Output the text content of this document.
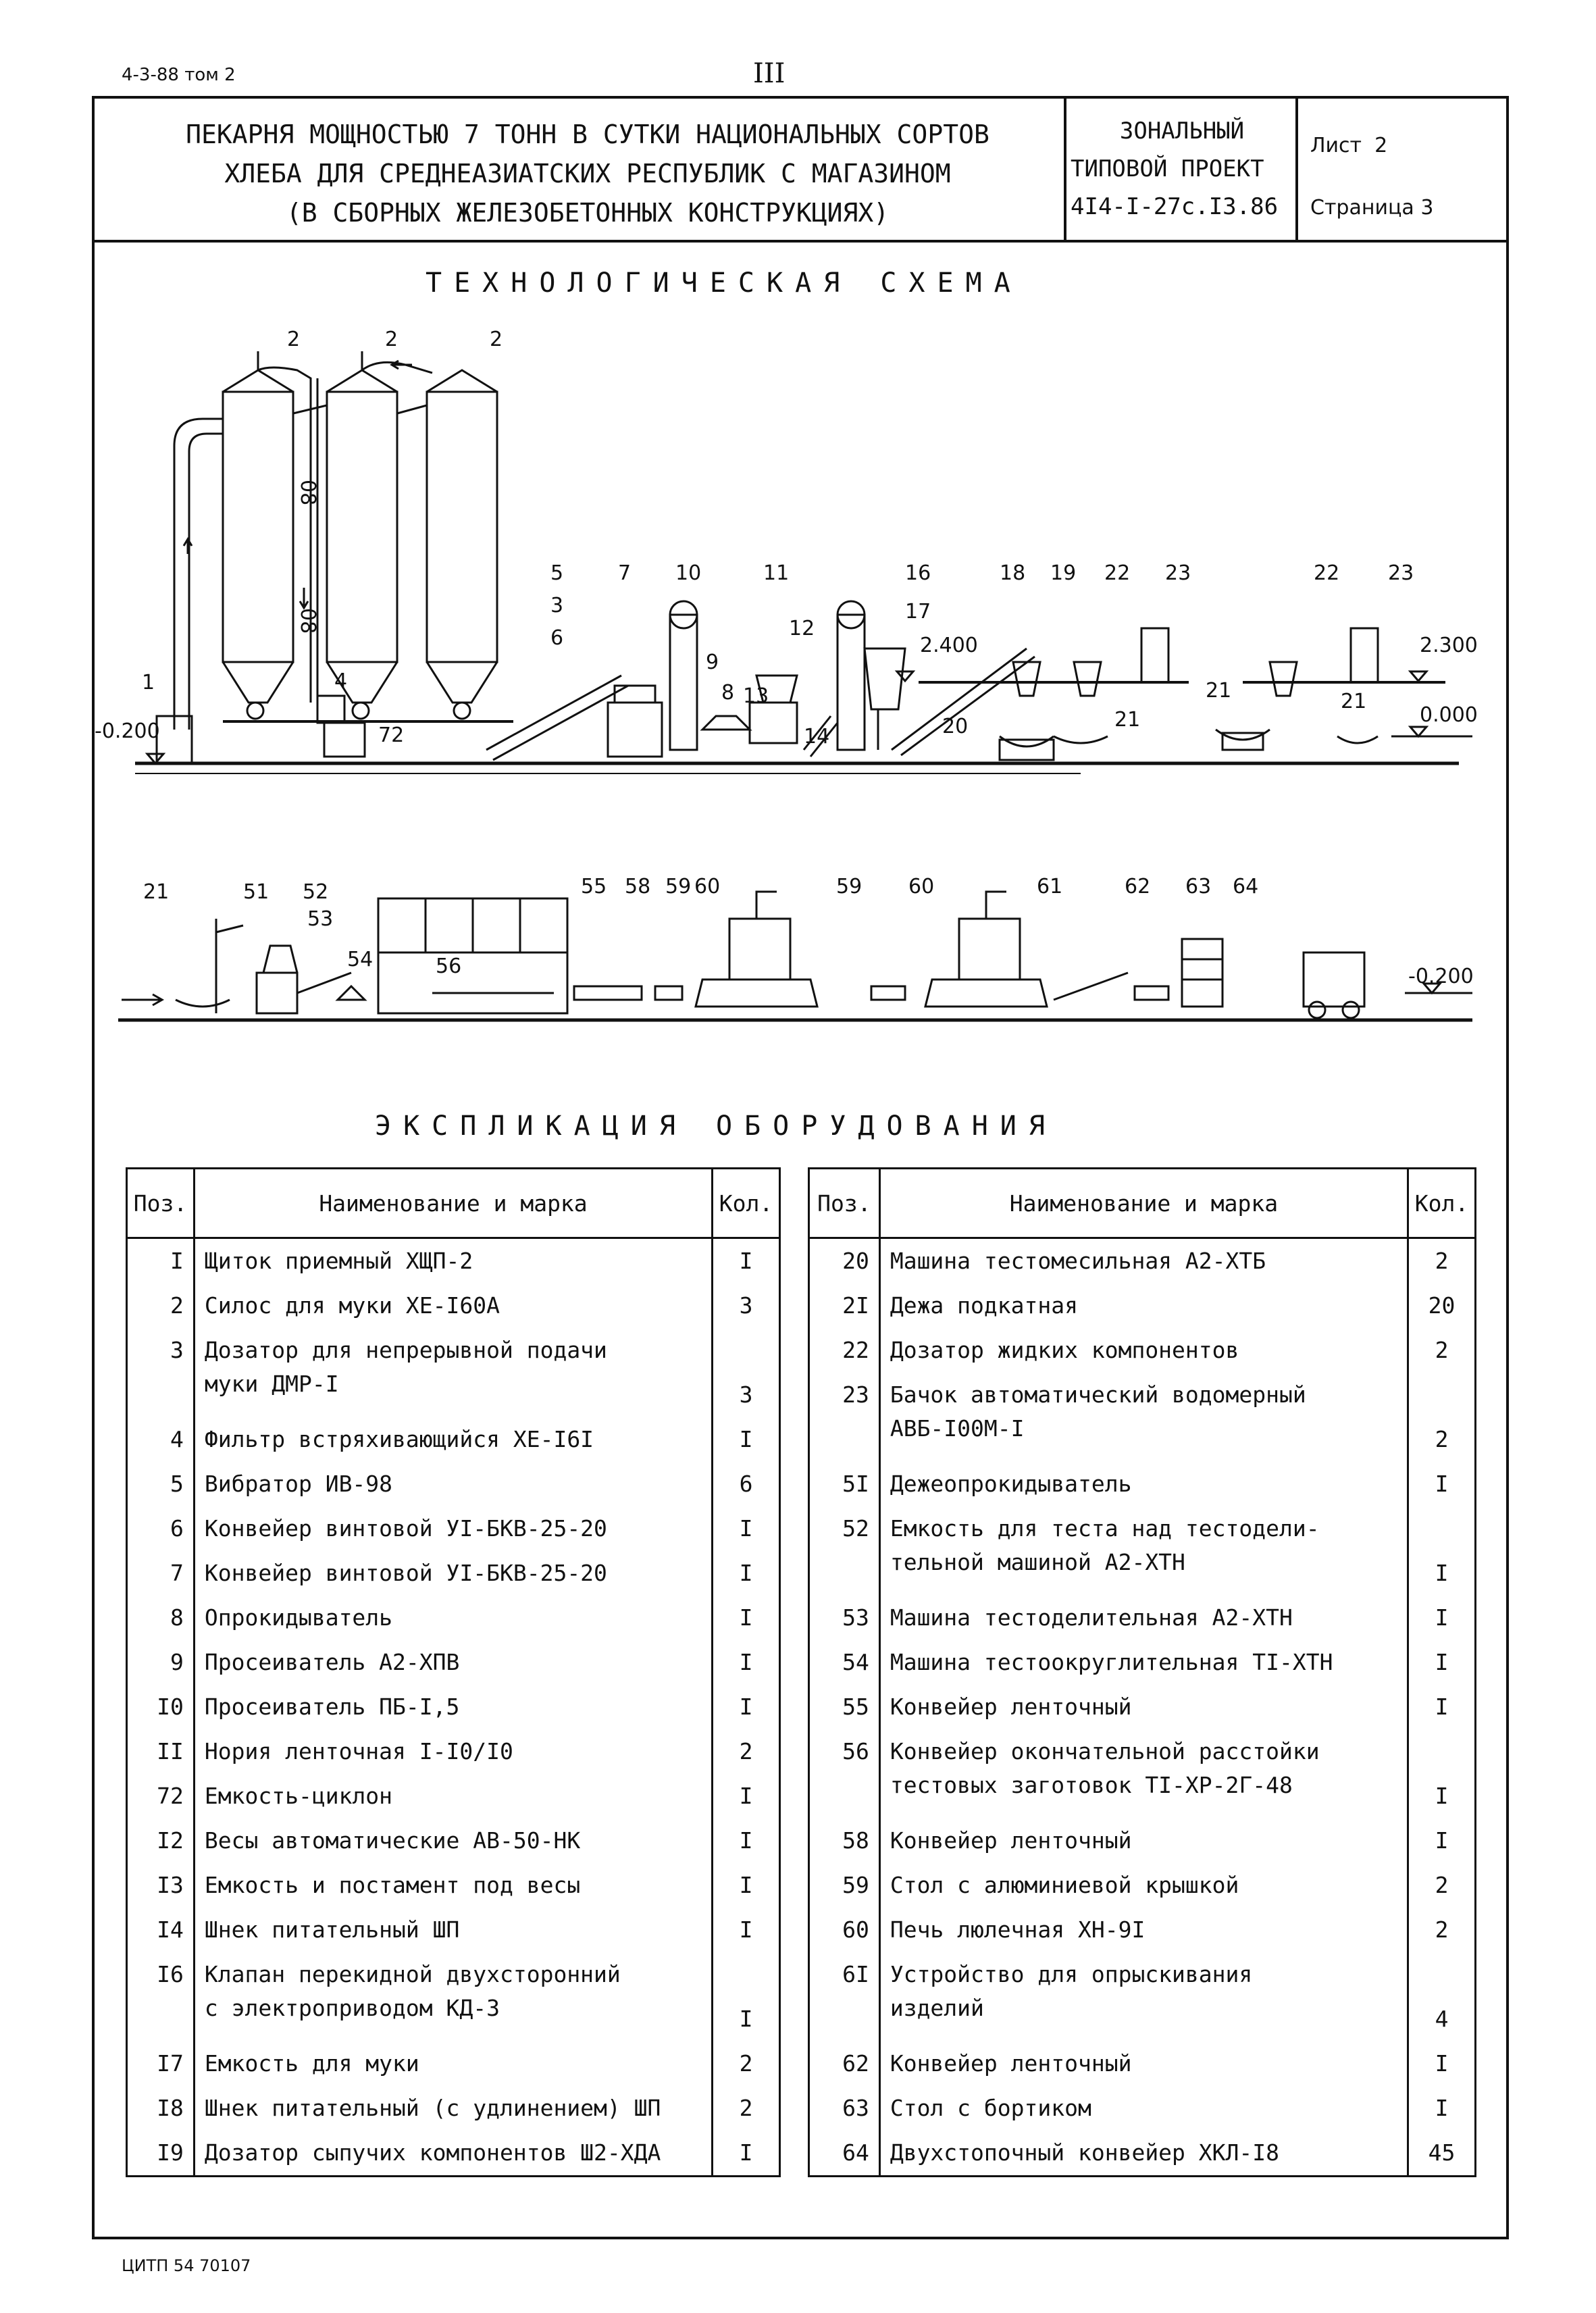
4-3-88 том 2	III
ПЕКАРНЯ МОЩНОСТЬЮ 7 ТОНН В СУТКИ НАЦИОНАЛЬНЫХ СОРТОВ
ХЛЕБА ДЛЯ СРЕДНЕАЗИАТСКИХ РЕСПУБЛИК С МАГАЗИНОМ
(В СБОРНЫХ ЖЕЛЕЗОБЕТОННЫХ КОНСТРУКЦИЯХ)
ЗОНАЛЬНЫЙ
ТИПОВОЙ ПРОЕКТ
4I4-I-27с.I3.86
Лист 2
Страница 3
ТЕХНОЛОГИЧЕСКАЯ СХЕМА
2	2	2
1
5
3
6
7 10	11
12
9
8 13
14
16
17
18 19 22 23
20	21
22 23
21	21
4
72
08
08
-0.200
2.400	2.300
0.000
21	51 52
53
54	56
55 58 59 60	59 60	61	62 63 64
-0.200
ЭКСПЛИКАЦИЯ ОБОРУДОВАНИЯ
Поз.	Наименование и марка	Кол.
I	Щиток приемный ХЩП-2	I
2	Силос для муки ХЕ-I60А	3
3	Дозатор для непрерывной подачи
муки ДМР-I	3
4	Фильтр встряхивающийся ХЕ-I6I	I
5	Вибратор ИВ-98	6
6	Конвейер винтовой УI-БКВ-25-20	I
7	Конвейер винтовой УI-БКВ-25-20	I
8	Опрокидыватель	I
9	Просеиватель А2-ХПВ	I
I0	Просеиватель ПБ-I,5	I
II	Нория ленточная I-I0/I0	2
72	Емкость-циклон	I
I2	Весы автоматические АВ-50-НК	I
I3	Емкость и постамент под весы	I
I4	Шнек питательный ШП	I
I6	Клапан перекидной двухсторонний
с электроприводом КД-3	I
I7	Емкость для муки	2
I8	Шнек питательный (с удлинением) ШП	2
I9	Дозатор сыпучих компонентов Ш2-ХДА	I
Поз.	Наименование и марка	Кол.
20	Машина тестомесильная А2-ХТБ	2
2I	Дежа подкатная	20
22	Дозатор жидких компонентов	2
23	Бачок автоматический водомерный
АВБ-I00М-I	2
5I	Дежеопрокидыватель	I
52	Емкость для теста над тестодели-
тельной машиной А2-ХТН	I
53	Машина тестоделительная А2-ХТН	I
54	Машина тестоокруглительная ТI-ХТН	I
55	Конвейер ленточный	I
56	Конвейер окончательной расстойки
тестовых заготовок ТI-ХР-2Г-48	I
58	Конвейер ленточный	I
59	Стол с алюминиевой крышкой	2
60	Печь люлечная ХН-9I	2
6I	Устройство для опрыскивания
изделий	4
62	Конвейер ленточный	I
63	Стол с бортиком	I
64	Двухстопочный конвейер ХКЛ-I8	45
ЦИТП 54 70107
